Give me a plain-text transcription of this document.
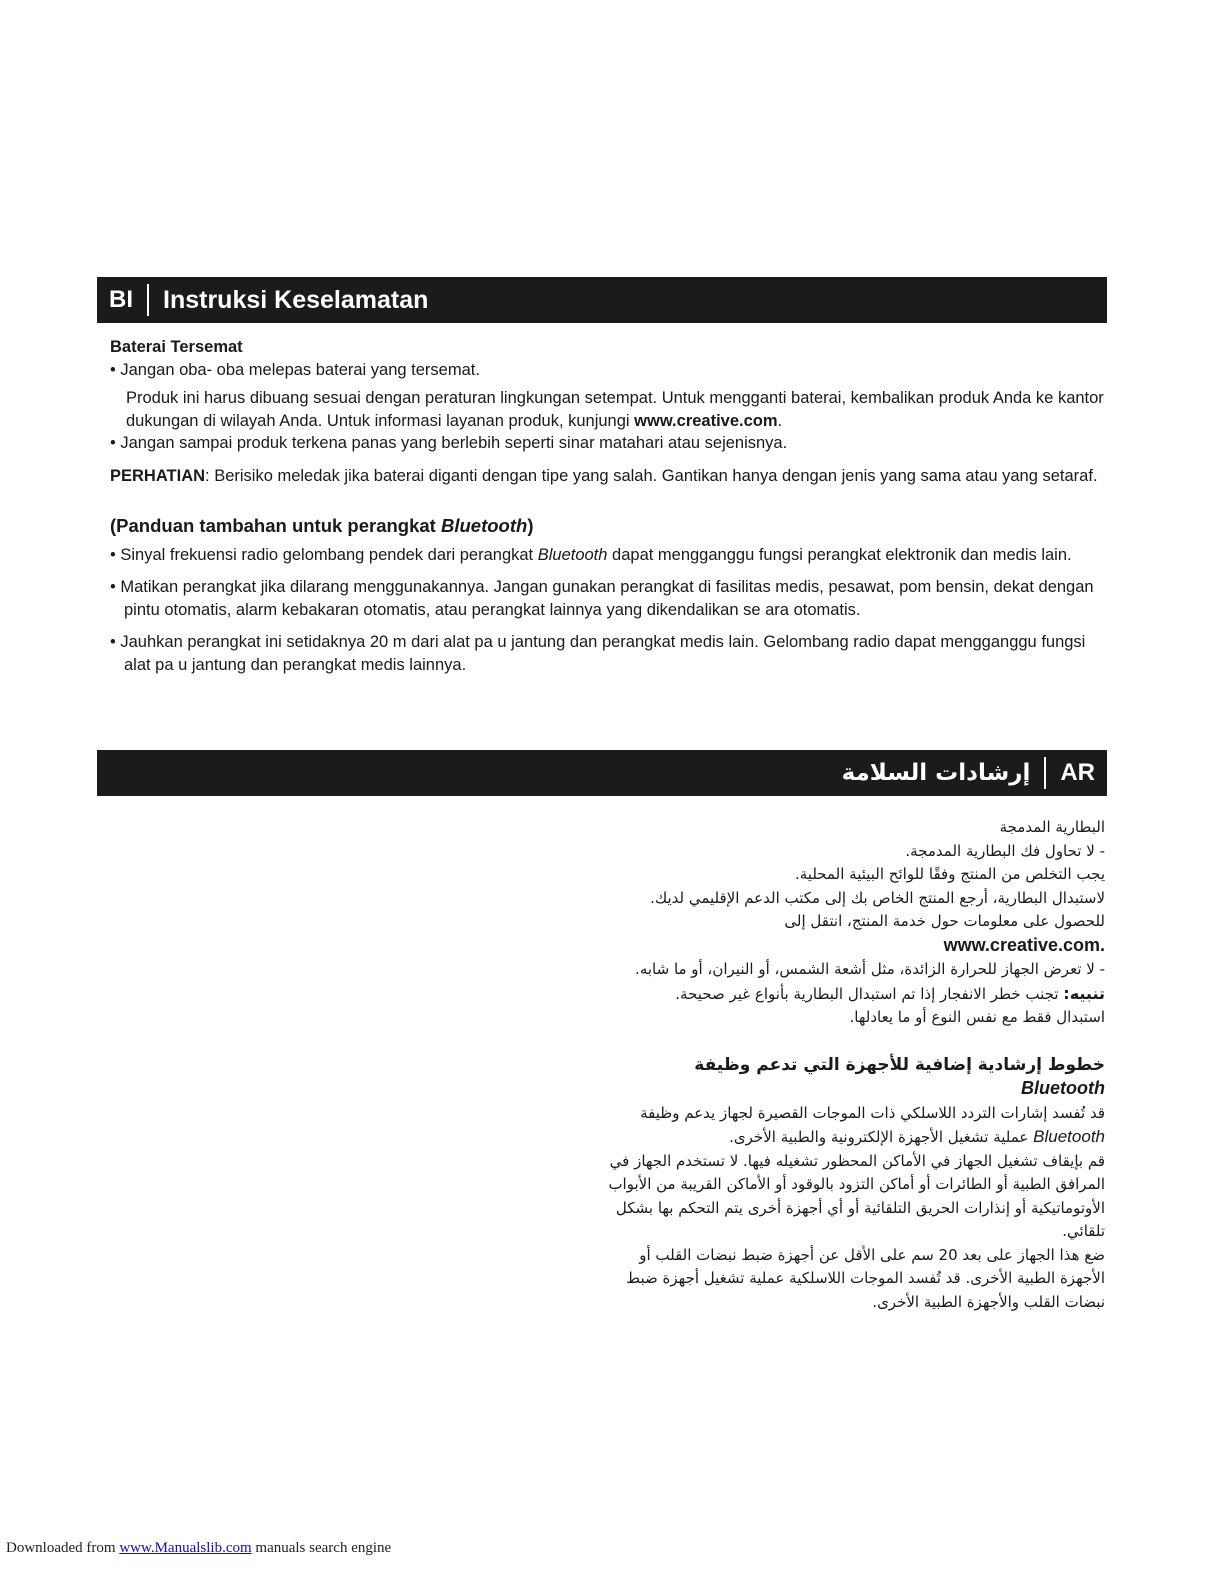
BI Instruksi Keselamatan

Baterai Tersemat

• Jangan oba- oba melepas baterai yang tersemat.

Produk ini harus dibuang sesuai dengan peraturan lingkungan setempat. Untuk mengganti baterai, kembalikan produk Anda ke kantor dukungan di wilayah Anda. Untuk informasi layanan produk, kunjungi www.creative.com.

• Jangan sampai produk terkena panas yang berlebih seperti sinar matahari atau sejenisnya.

PERHATIAN: Berisiko meledak jika baterai diganti dengan tipe yang salah. Gantikan hanya dengan jenis yang sama atau yang setaraf.

(Panduan tambahan untuk perangkat Bluetooth)

• Sinyal frekuensi radio gelombang pendek dari perangkat Bluetooth dapat mengganggu fungsi perangkat elektronik dan medis lain.

• Matikan perangkat jika dilarang menggunakannya. Jangan gunakan perangkat di fasilitas medis, pesawat, pom bensin, dekat dengan pintu otomatis, alarm kebakaran otomatis, atau perangkat lainnya yang dikendalikan se ara otomatis.

• Jauhkan perangkat ini setidaknya 20 m dari alat pa u jantung dan perangkat medis lain. Gelombang radio dapat mengganggu fungsi alat pa u jantung dan perangkat medis lainnya.

إرشادات السلامة AR

البطارية المدمجة

- لا تحاول فك البطارية المدمجة.

يجب التخلص من المنتج وفقًا للوائح البيئية المحلية.

لاستبدال البطارية، أرجع المنتج الخاص بك إلى مكتب الدعم الإقليمي لديك.

للحصول على معلومات حول خدمة المنتج، انتقل إلى

www.creative.com.

- لا تعرض الجهاز للحرارة الزائدة، مثل أشعة الشمس، أو النيران، أو ما شابه.

تنبيه: تجنب خطر الانفجار إذا تم استبدال البطارية بأنواع غير صحيحة.

استبدال فقط مع نفس النوع أو ما يعادلها.

خطوط إرشادية إضافية للأجهزة التي تدعم وظيفة Bluetooth

قد تُفسد إشارات التردد اللاسلكي ذات الموجات القصيرة لجهاز يدعم وظيفة
Bluetooth عملية تشغيل الأجهزة الإلكترونية والطبية الأخرى.

قم بإيقاف تشغيل الجهاز في الأماكن المحظور تشغيله فيها. لا تستخدم الجهاز في المرافق الطبية أو الطائرات أو أماكن التزود بالوقود أو الأماكن القريبة من الأبواب الأوتوماتيكية أو إنذارات الحريق التلقائية أو أي أجهزة أخرى يتم التحكم بها بشكل تلقائي.

ضع هذا الجهاز على بعد 20 سم على الأقل عن أجهزة ضبط نبضات القلب أو الأجهزة الطبية الأخرى. قد تُفسد الموجات اللاسلكية عملية تشغيل أجهزة ضبط نبضات القلب والأجهزة الطبية الأخرى.

Downloaded from www.Manualslib.com manuals search engine
